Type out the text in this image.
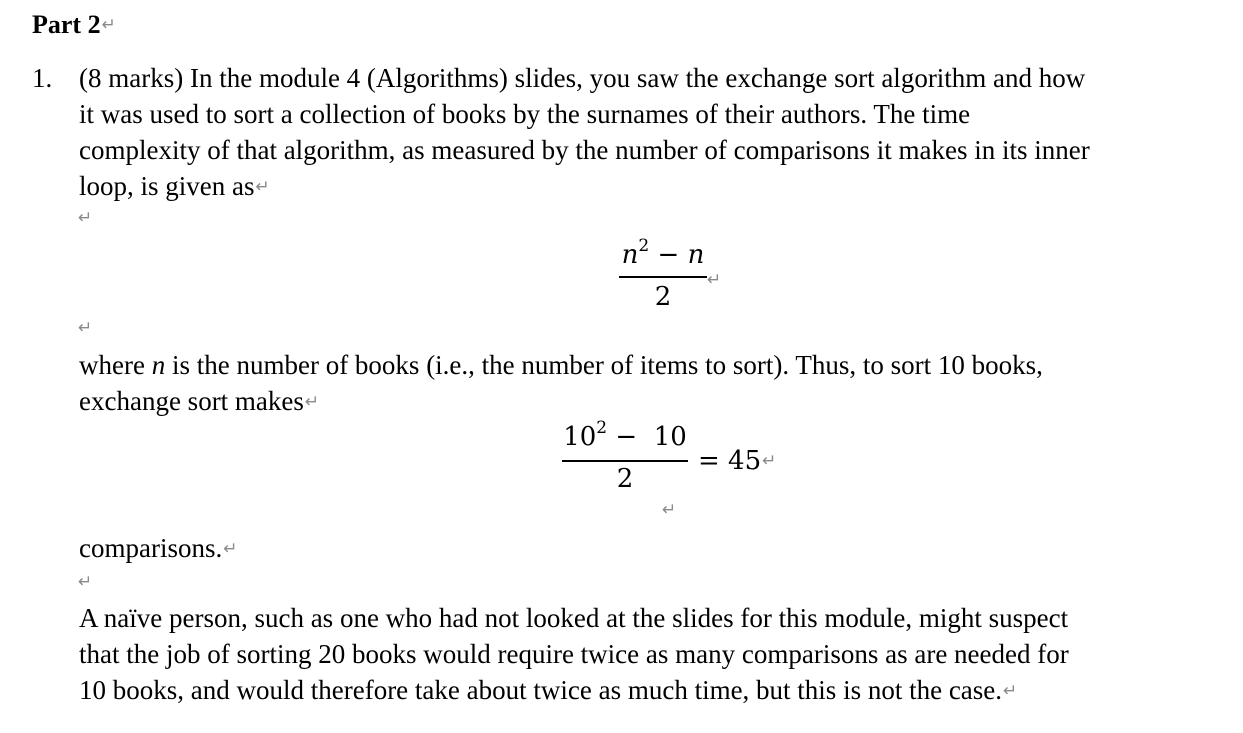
Part 2↵
1. (8 marks) In the module 4 (Algorithms) slides, you saw the exchange sort algorithm and how
it was used to sort a collection of books by the surnames of their authors. The time
complexity of that algorithm, as measured by the number of comparisons it makes in its inner
loop, is given as↵
↵
$n^2 - n$
2
↵
↵
where n is the number of books (i.e., the number of items to sort). Thus, to sort 10 books,
exchange sort makes↵
$10^2 - 10$
2
= 45↵
↵
comparisons.↵
↵
A naïve person, such as one who had not looked at the slides for this module, might suspect
that the job of sorting 20 books would require twice as many comparisons as are needed for
10 books, and would therefore take about twice as much time, but this is not the case.↵
